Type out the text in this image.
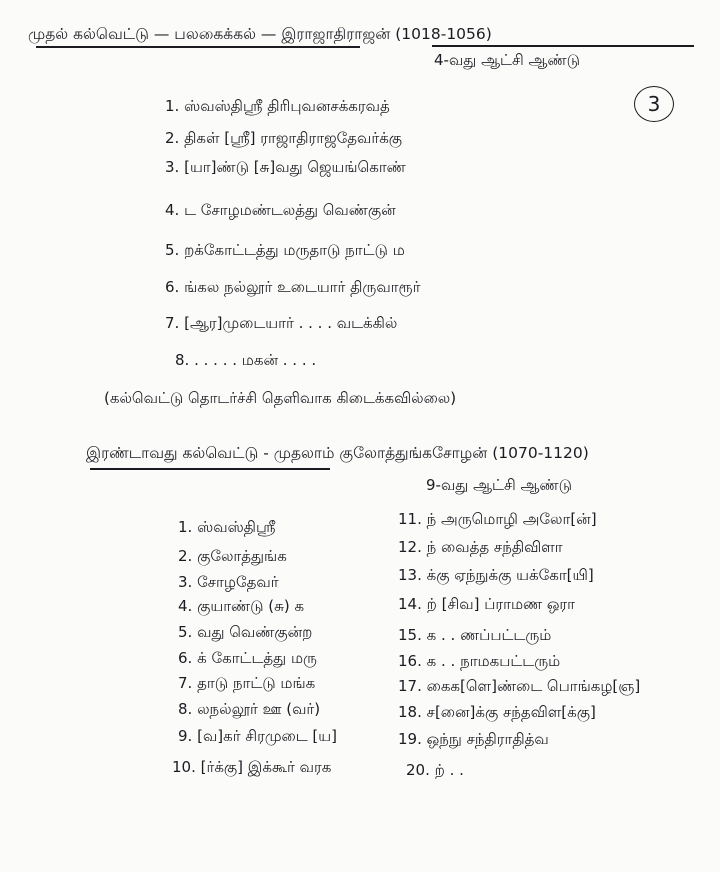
முதல் கல்வெட்டு — பலகைக்கல் — இராஜாதிராஜன் (1018-1056)
4-வது ஆட்சி ஆண்டு
3
1. ஸ்வஸ்திஸ்ரீ திரிபுவனசக்கரவத்
2. திகள் [ஸ்ரீ] ராஜாதிராஜதேவர்க்கு
3. [யா]ண்டு [சு]வது ஜெயங்கொண்
4. ட சோழமண்டலத்து வெண்குன்
5. றக்கோட்டத்து மருதாடு நாட்டு ம
6. ங்கல நல்லூர் உடையார் திருவாரூர்
7. [ஆர]முடையார் . . . . வடக்கில்
8. . . . . . மகன் . . . .
(கல்வெட்டு தொடர்ச்சி தெளிவாக கிடைக்கவில்லை)
இரண்டாவது கல்வெட்டு - முதலாம் குலோத்துங்கசோழன் (1070-1120)
9-வது ஆட்சி ஆண்டு
1. ஸ்வஸ்திஸ்ரீ
2. குலோத்துங்க
3. சோழதேவர்
4. குயாண்டு (சு) க
5. வது வெண்குன்ற
6. க் கோட்டத்து மரு
7. தாடு நாட்டு மங்க
8. லநல்லூர் ஊ (வர்)
9. [வ]கர் சிரமுடை [ய]
10. [ர்க்கு] இக்கூர் வரக
11. ந் அருமொழி அலோ[ன்]
12. ந் வைத்த சந்திவிளா
13. க்கு ஏந்நுக்கு யக்கோ[யி]
14. ற் [சிவ] ப்ராமண ஒரா
15. க . . ணப்பட்டரும்
16. க . . நாமகபட்டரும்
17. கைக[ளெ]ண்டை பொங்கழ[ஞ]
18. ச[னை]க்கு சந்தவிள[க்கு]
19. ஒந்நு சந்திராதித்வ
20. ற் . .
